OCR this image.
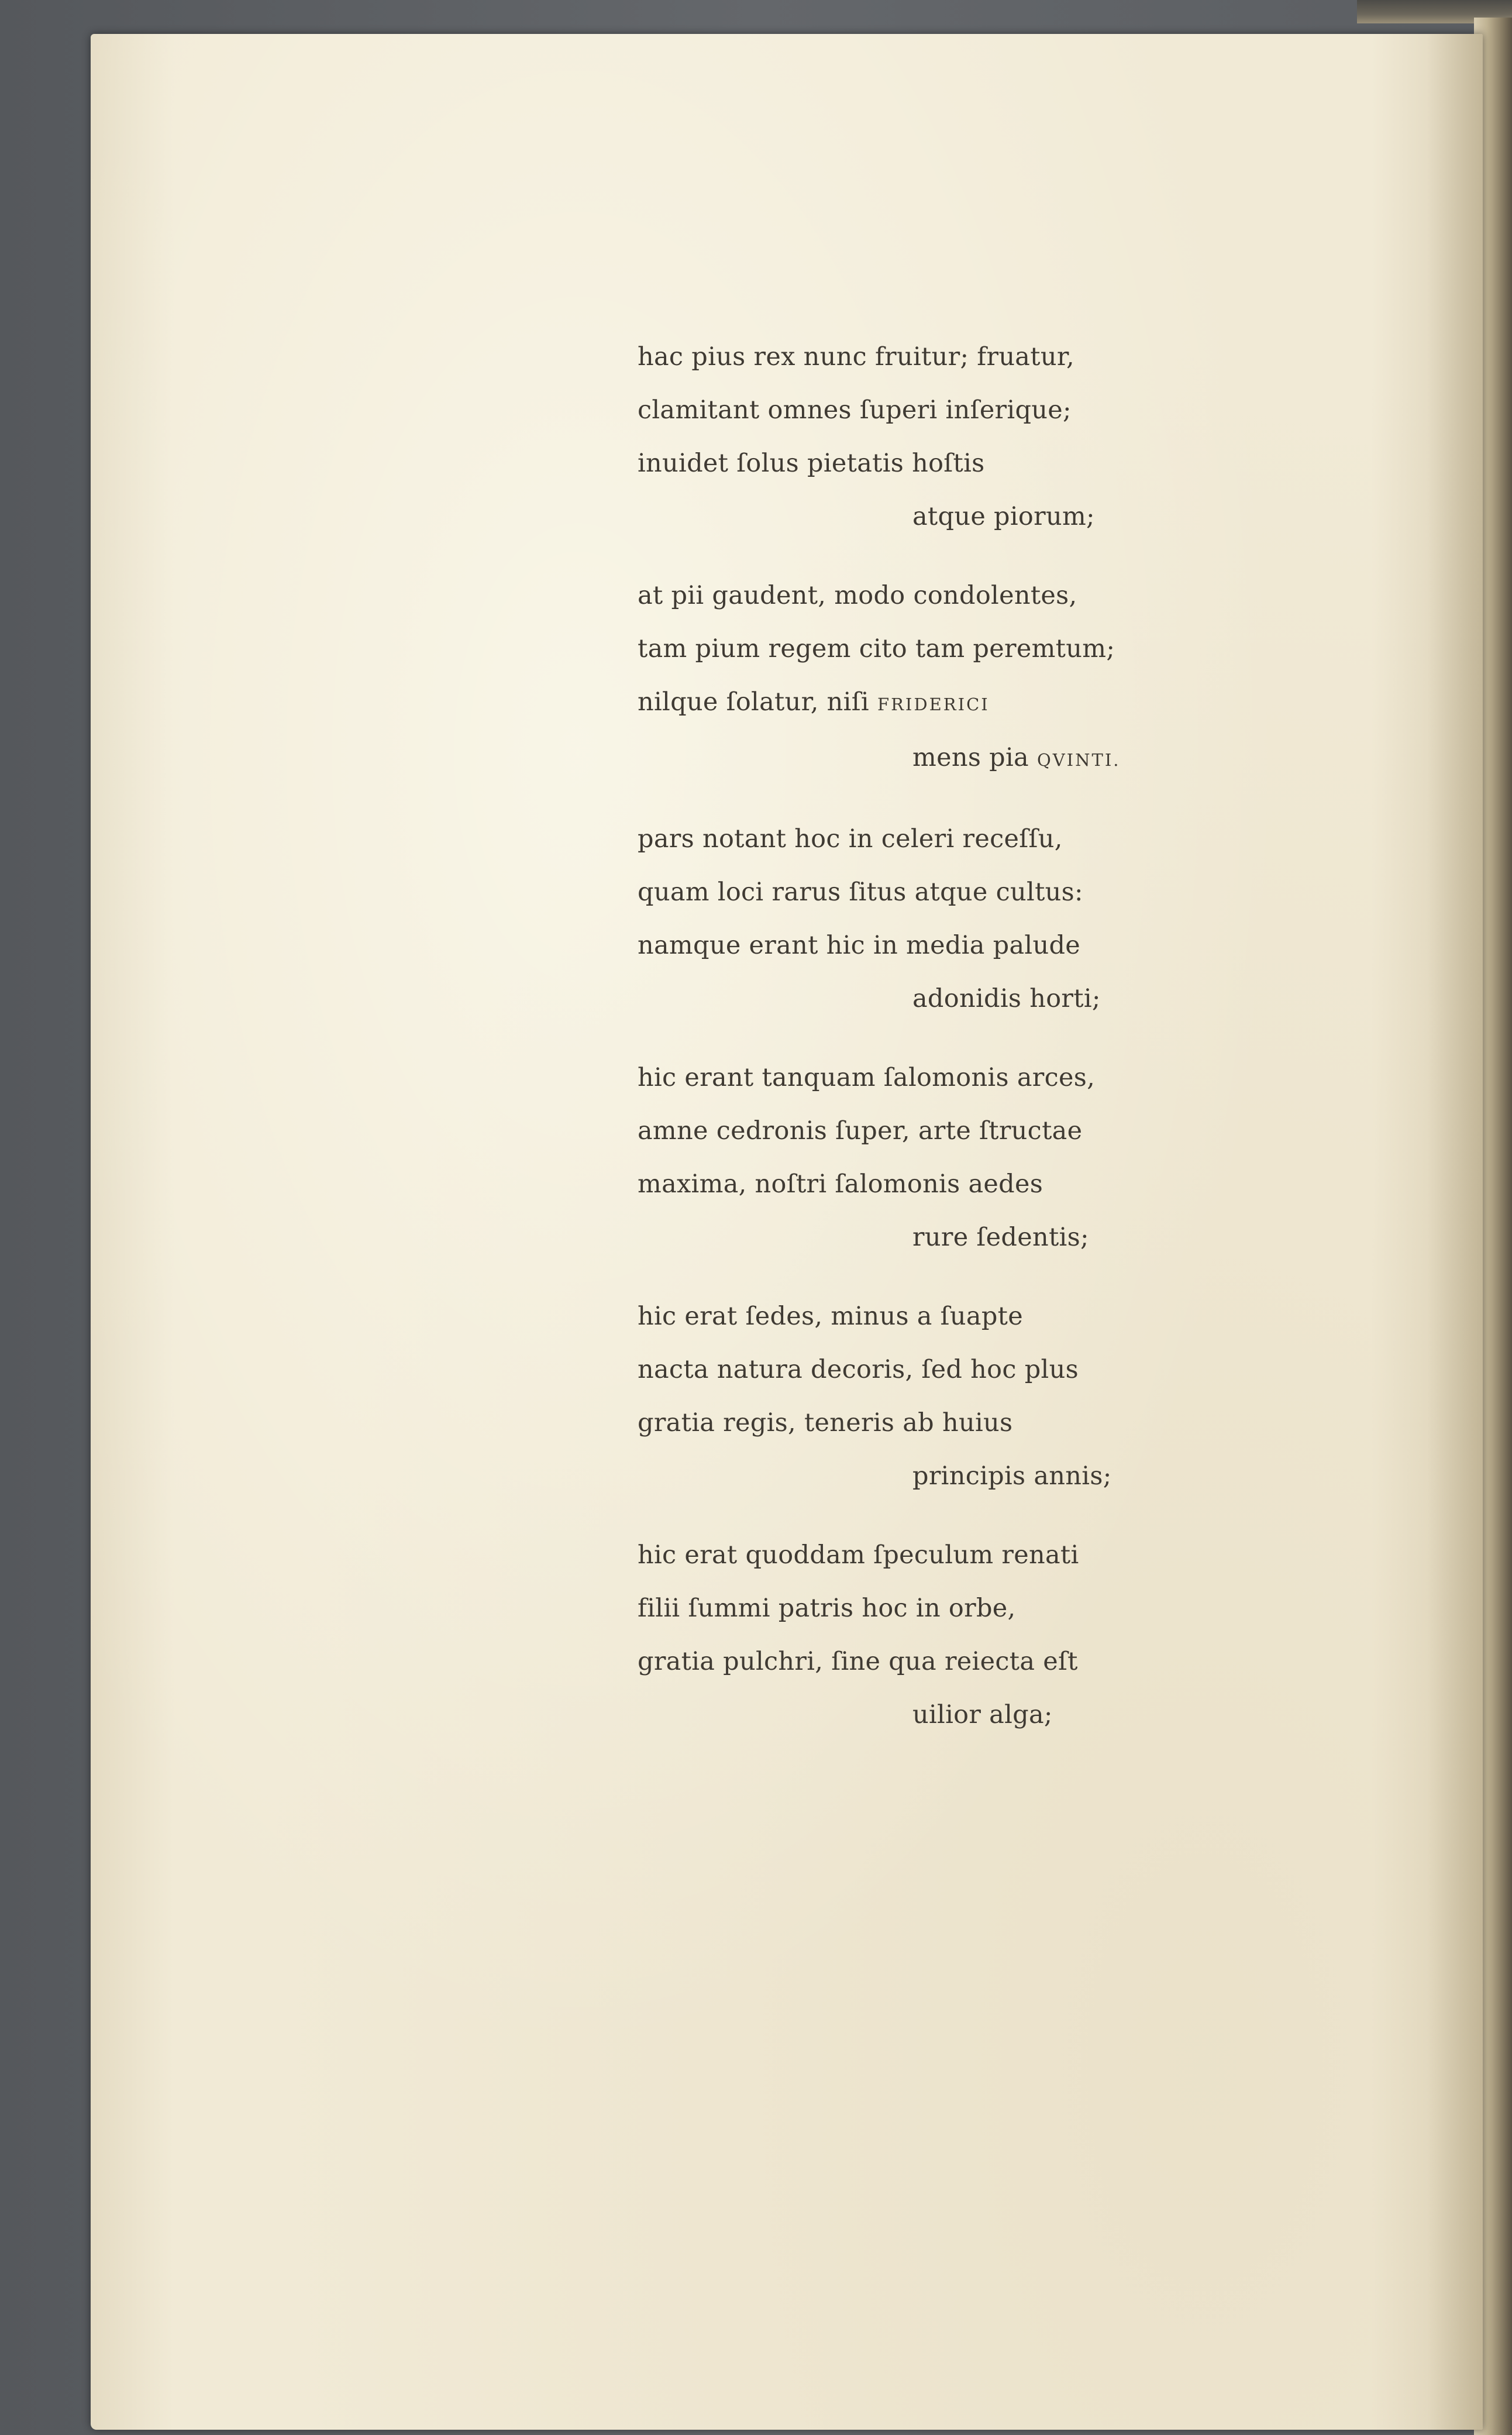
hac pius rex nunc fruitur; fruatur,
clamitant omnes ſuperi inſerique;
inuidet ſolus pietatis hoſtis
atque piorum;
at pii gaudent, modo condolentes,
tam pium regem cito tam peremtum;
nilque ſolatur, niſi FRIDERICI
mens pia QVINTI.
pars notant hoc in celeri receſſu,
quam loci rarus ſitus atque cultus:
namque erant hic in media palude
adonidis horti;
hic erant tanquam ſalomonis arces,
amne cedronis ſuper, arte ſtructae
maxima, noſtri ſalomonis aedes
rure ſedentis;
hic erat ſedes, minus a ſuapte
nacta natura decoris, ſed hoc plus
gratia regis, teneris ab huius
principis annis;
hic erat quoddam ſpeculum renati
filii ſummi patris hoc in orbe,
gratia pulchri, ſine qua reiecta eſt
uilior alga;
